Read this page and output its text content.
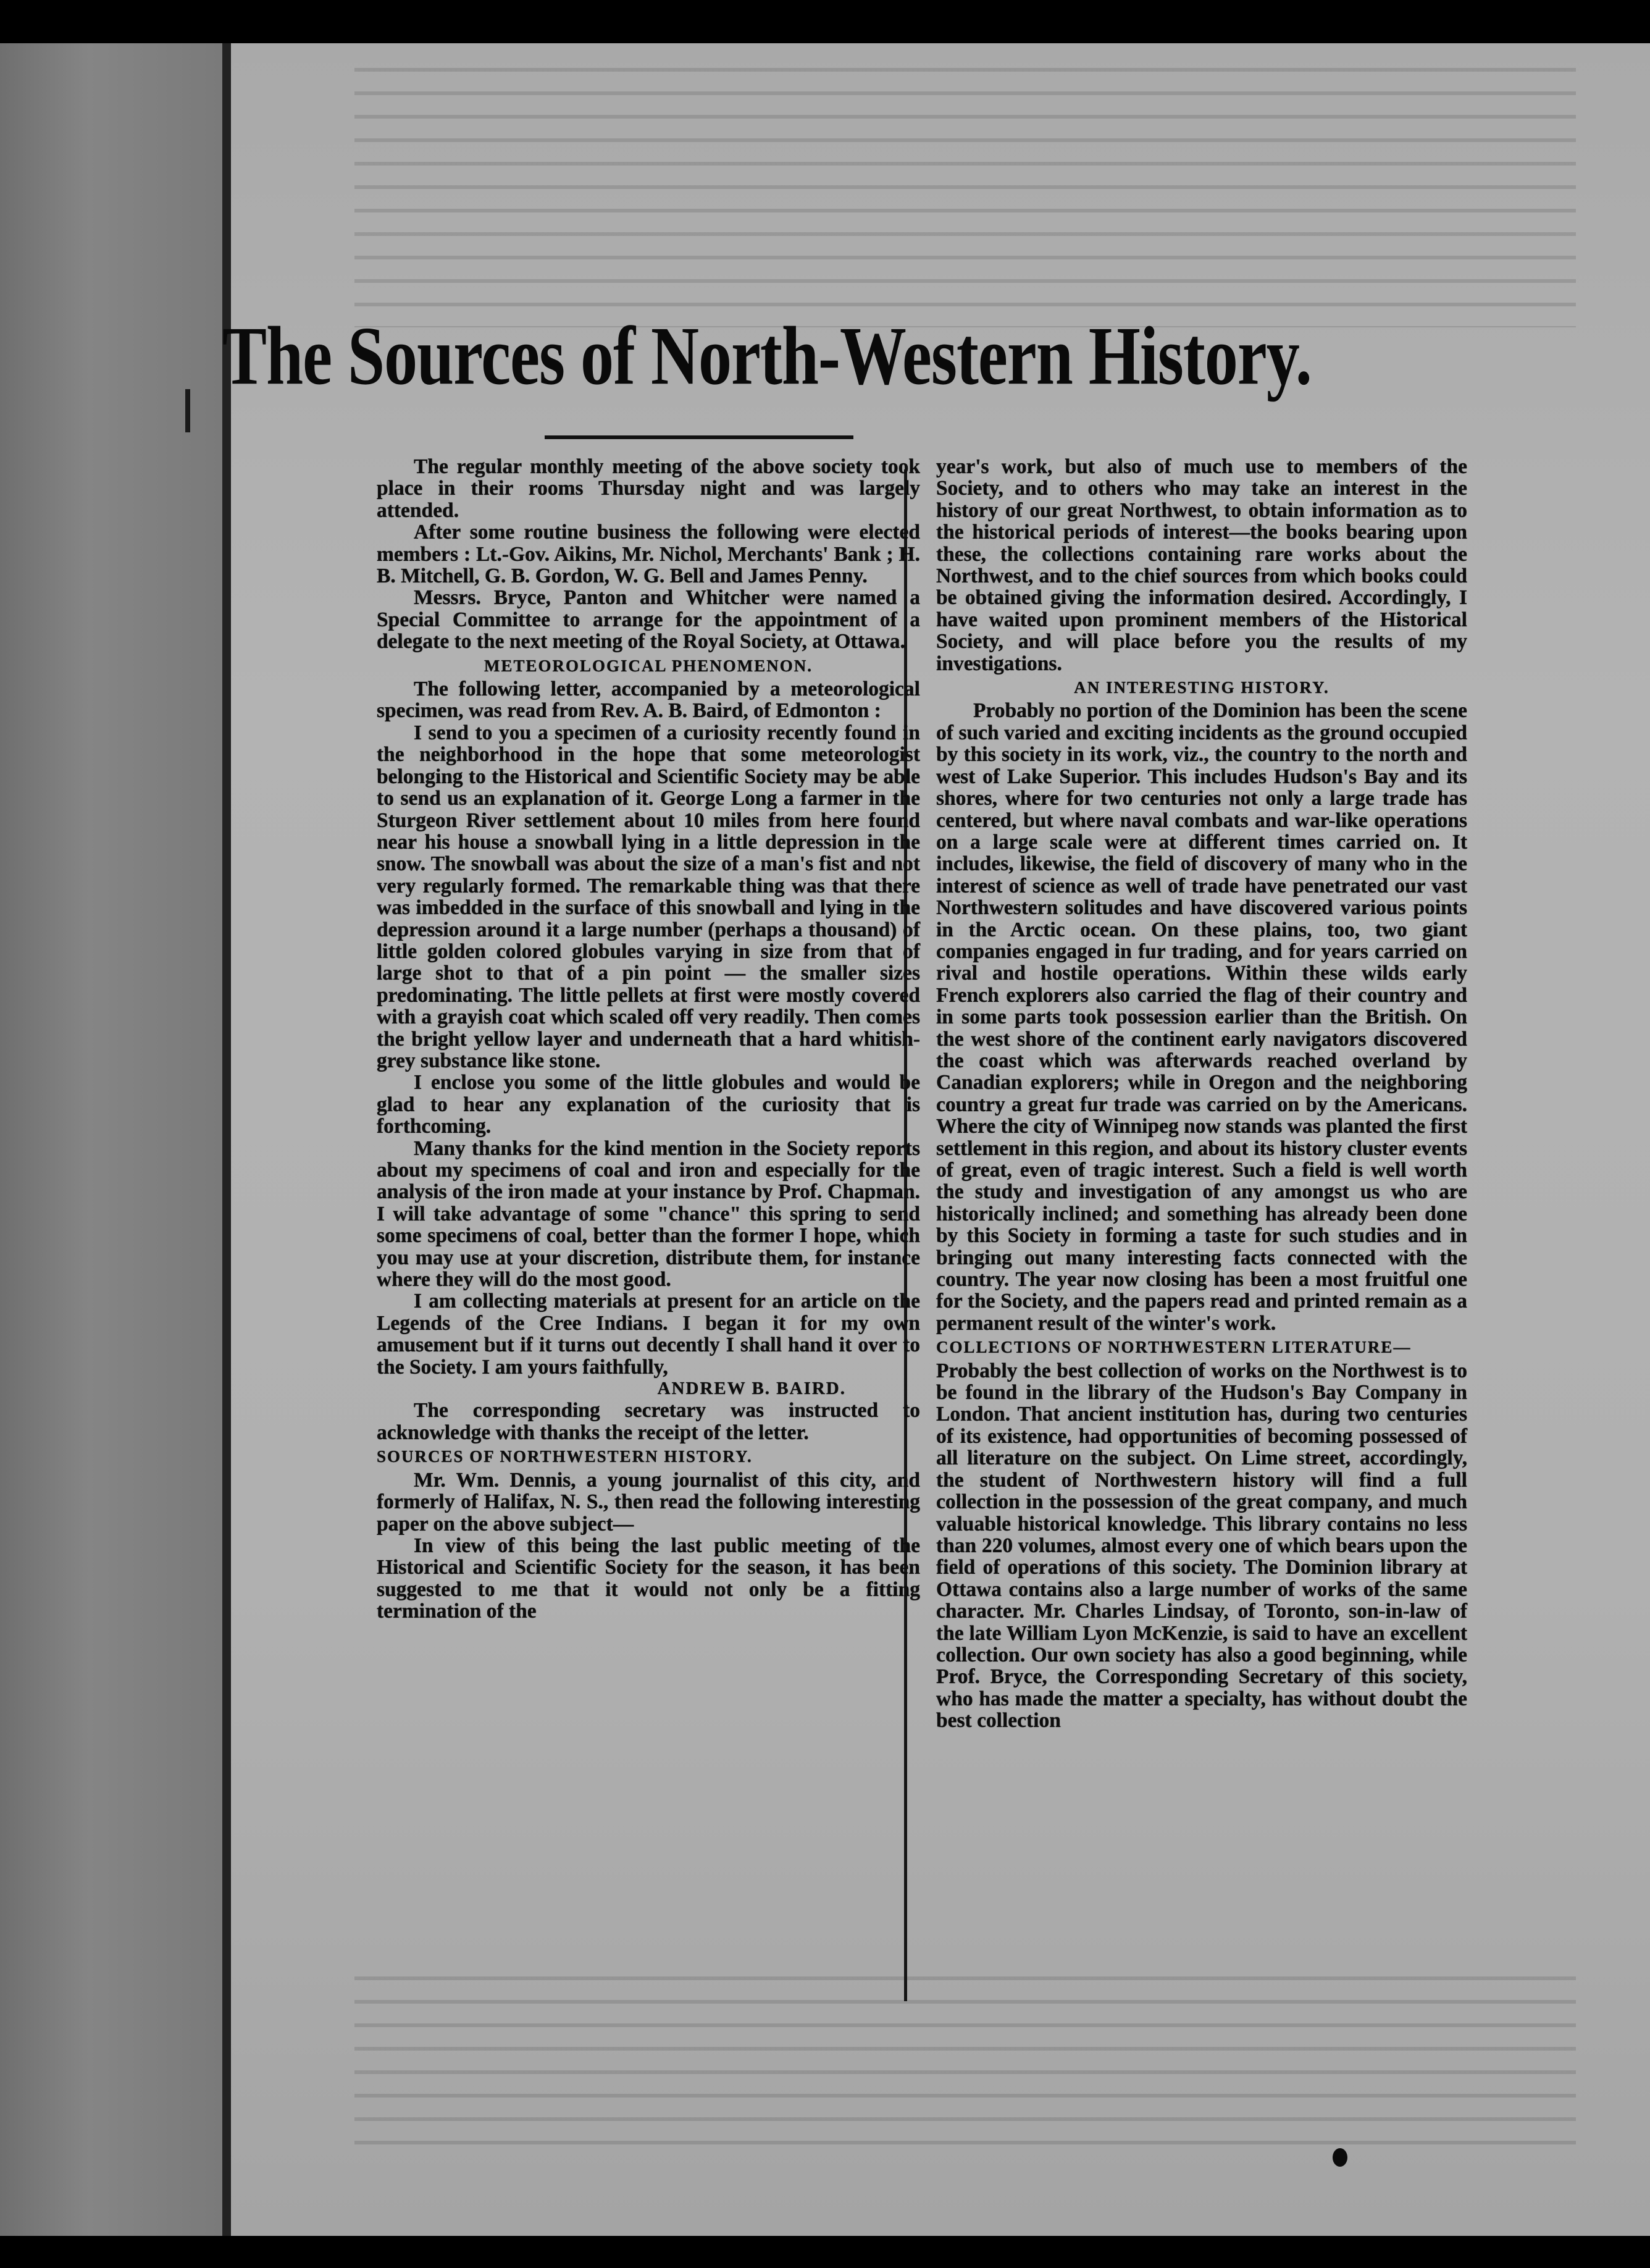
The Sources of North-Western History.

The regular monthly meeting of the above society took place in their rooms Thursday night and was largely attended.

After some routine business the following were elected members : Lt.-Gov. Aikins, Mr. Nichol, Merchants' Bank ; H. B. Mitchell, G. B. Gordon, W. G. Bell and James Penny.

Messrs. Bryce, Panton and Whitcher were named a Special Committee to arrange for the appointment of a delegate to the next meeting of the Royal Society, at Ottawa.

METEOROLOGICAL PHENOMENON.

The following letter, accompanied by a meteorological specimen, was read from Rev. A. B. Baird, of Edmonton :

I send to you a specimen of a curiosity recently found in the neighborhood in the hope that some meteorologist belonging to the Historical and Scientific Society may be able to send us an explanation of it. George Long a farmer in the Sturgeon River settlement about 10 miles from here found near his house a snowball lying in a little depression in the snow. The snowball was about the size of a man's fist and not very regularly formed. The remarkable thing was that there was imbedded in the surface of this snowball and lying in the depression around it a large number (perhaps a thousand) of little golden colored globules varying in size from that of large shot to that of a pin point — the smaller sizes predominating. The little pellets at first were mostly covered with a grayish coat which scaled off very readily. Then comes the bright yellow layer and underneath that a hard whitish-grey substance like stone.

I enclose you some of the little globules and would be glad to hear any explanation of the curiosity that is forthcoming.

Many thanks for the kind mention in the Society reports about my specimens of coal and iron and especially for the analysis of the iron made at your instance by Prof. Chapman. I will take advantage of some "chance" this spring to send some specimens of coal, better than the former I hope, which you may use at your discretion, distribute them, for instance where they will do the most good.

I am collecting materials at present for an article on the Legends of the Cree Indians. I began it for my own amusement but if it turns out decently I shall hand it over to the Society. I am yours faithfully,

ANDREW B. BAIRD.

The corresponding secretary was instructed to acknowledge with thanks the receipt of the letter.

SOURCES OF NORTHWESTERN HISTORY.

Mr. Wm. Dennis, a young journalist of this city, and formerly of Halifax, N. S., then read the following interesting paper on the above subject—

In view of this being the last public meeting of the Historical and Scientific Society for the season, it has been suggested to me that it would not only be a fitting termination of the

year's work, but also of much use to members of the Society, and to others who may take an interest in the history of our great Northwest, to obtain information as to the historical periods of interest—the books bearing upon these, the collections containing rare works about the Northwest, and to the chief sources from which books could be obtained giving the information desired. Accordingly, I have waited upon prominent members of the Historical Society, and will place before you the results of my investigations.

AN INTERESTING HISTORY.

Probably no portion of the Dominion has been the scene of such varied and exciting incidents as the ground occupied by this society in its work, viz., the country to the north and west of Lake Superior. This includes Hudson's Bay and its shores, where for two centuries not only a large trade has centered, but where naval combats and war-like operations on a large scale were at different times carried on. It includes, likewise, the field of discovery of many who in the interest of science as well of trade have penetrated our vast Northwestern solitudes and have discovered various points in the Arctic ocean. On these plains, too, two giant companies engaged in fur trading, and for years carried on rival and hostile operations. Within these wilds early French explorers also carried the flag of their country and in some parts took possession earlier than the British. On the west shore of the continent early navigators discovered the coast which was afterwards reached overland by Canadian explorers; while in Oregon and the neighboring country a great fur trade was carried on by the Americans. Where the city of Winnipeg now stands was planted the first settlement in this region, and about its history cluster events of great, even of tragic interest. Such a field is well worth the study and investigation of any amongst us who are historically inclined; and something has already been done by this Society in forming a taste for such studies and in bringing out many interesting facts connected with the country. The year now closing has been a most fruitful one for the Society, and the papers read and printed remain as a permanent result of the winter's work.

COLLECTIONS OF NORTHWESTERN LITERATURE—

Probably the best collection of works on the Northwest is to be found in the library of the Hudson's Bay Company in London. That ancient institution has, during two centuries of its existence, had opportunities of becoming possessed of all literature on the subject. On Lime street, accordingly, the student of Northwestern history will find a full collection in the possession of the great company, and much valuable historical knowledge. This library contains no less than 220 volumes, almost every one of which bears upon the field of operations of this society. The Dominion library at Ottawa contains also a large number of works of the same character. Mr. Charles Lindsay, of Toronto, son-in-law of the late William Lyon McKenzie, is said to have an excellent collection. Our own society has also a good beginning, while Prof. Bryce, the Corresponding Secretary of this society, who has made the matter a specialty, has without doubt the best collection
